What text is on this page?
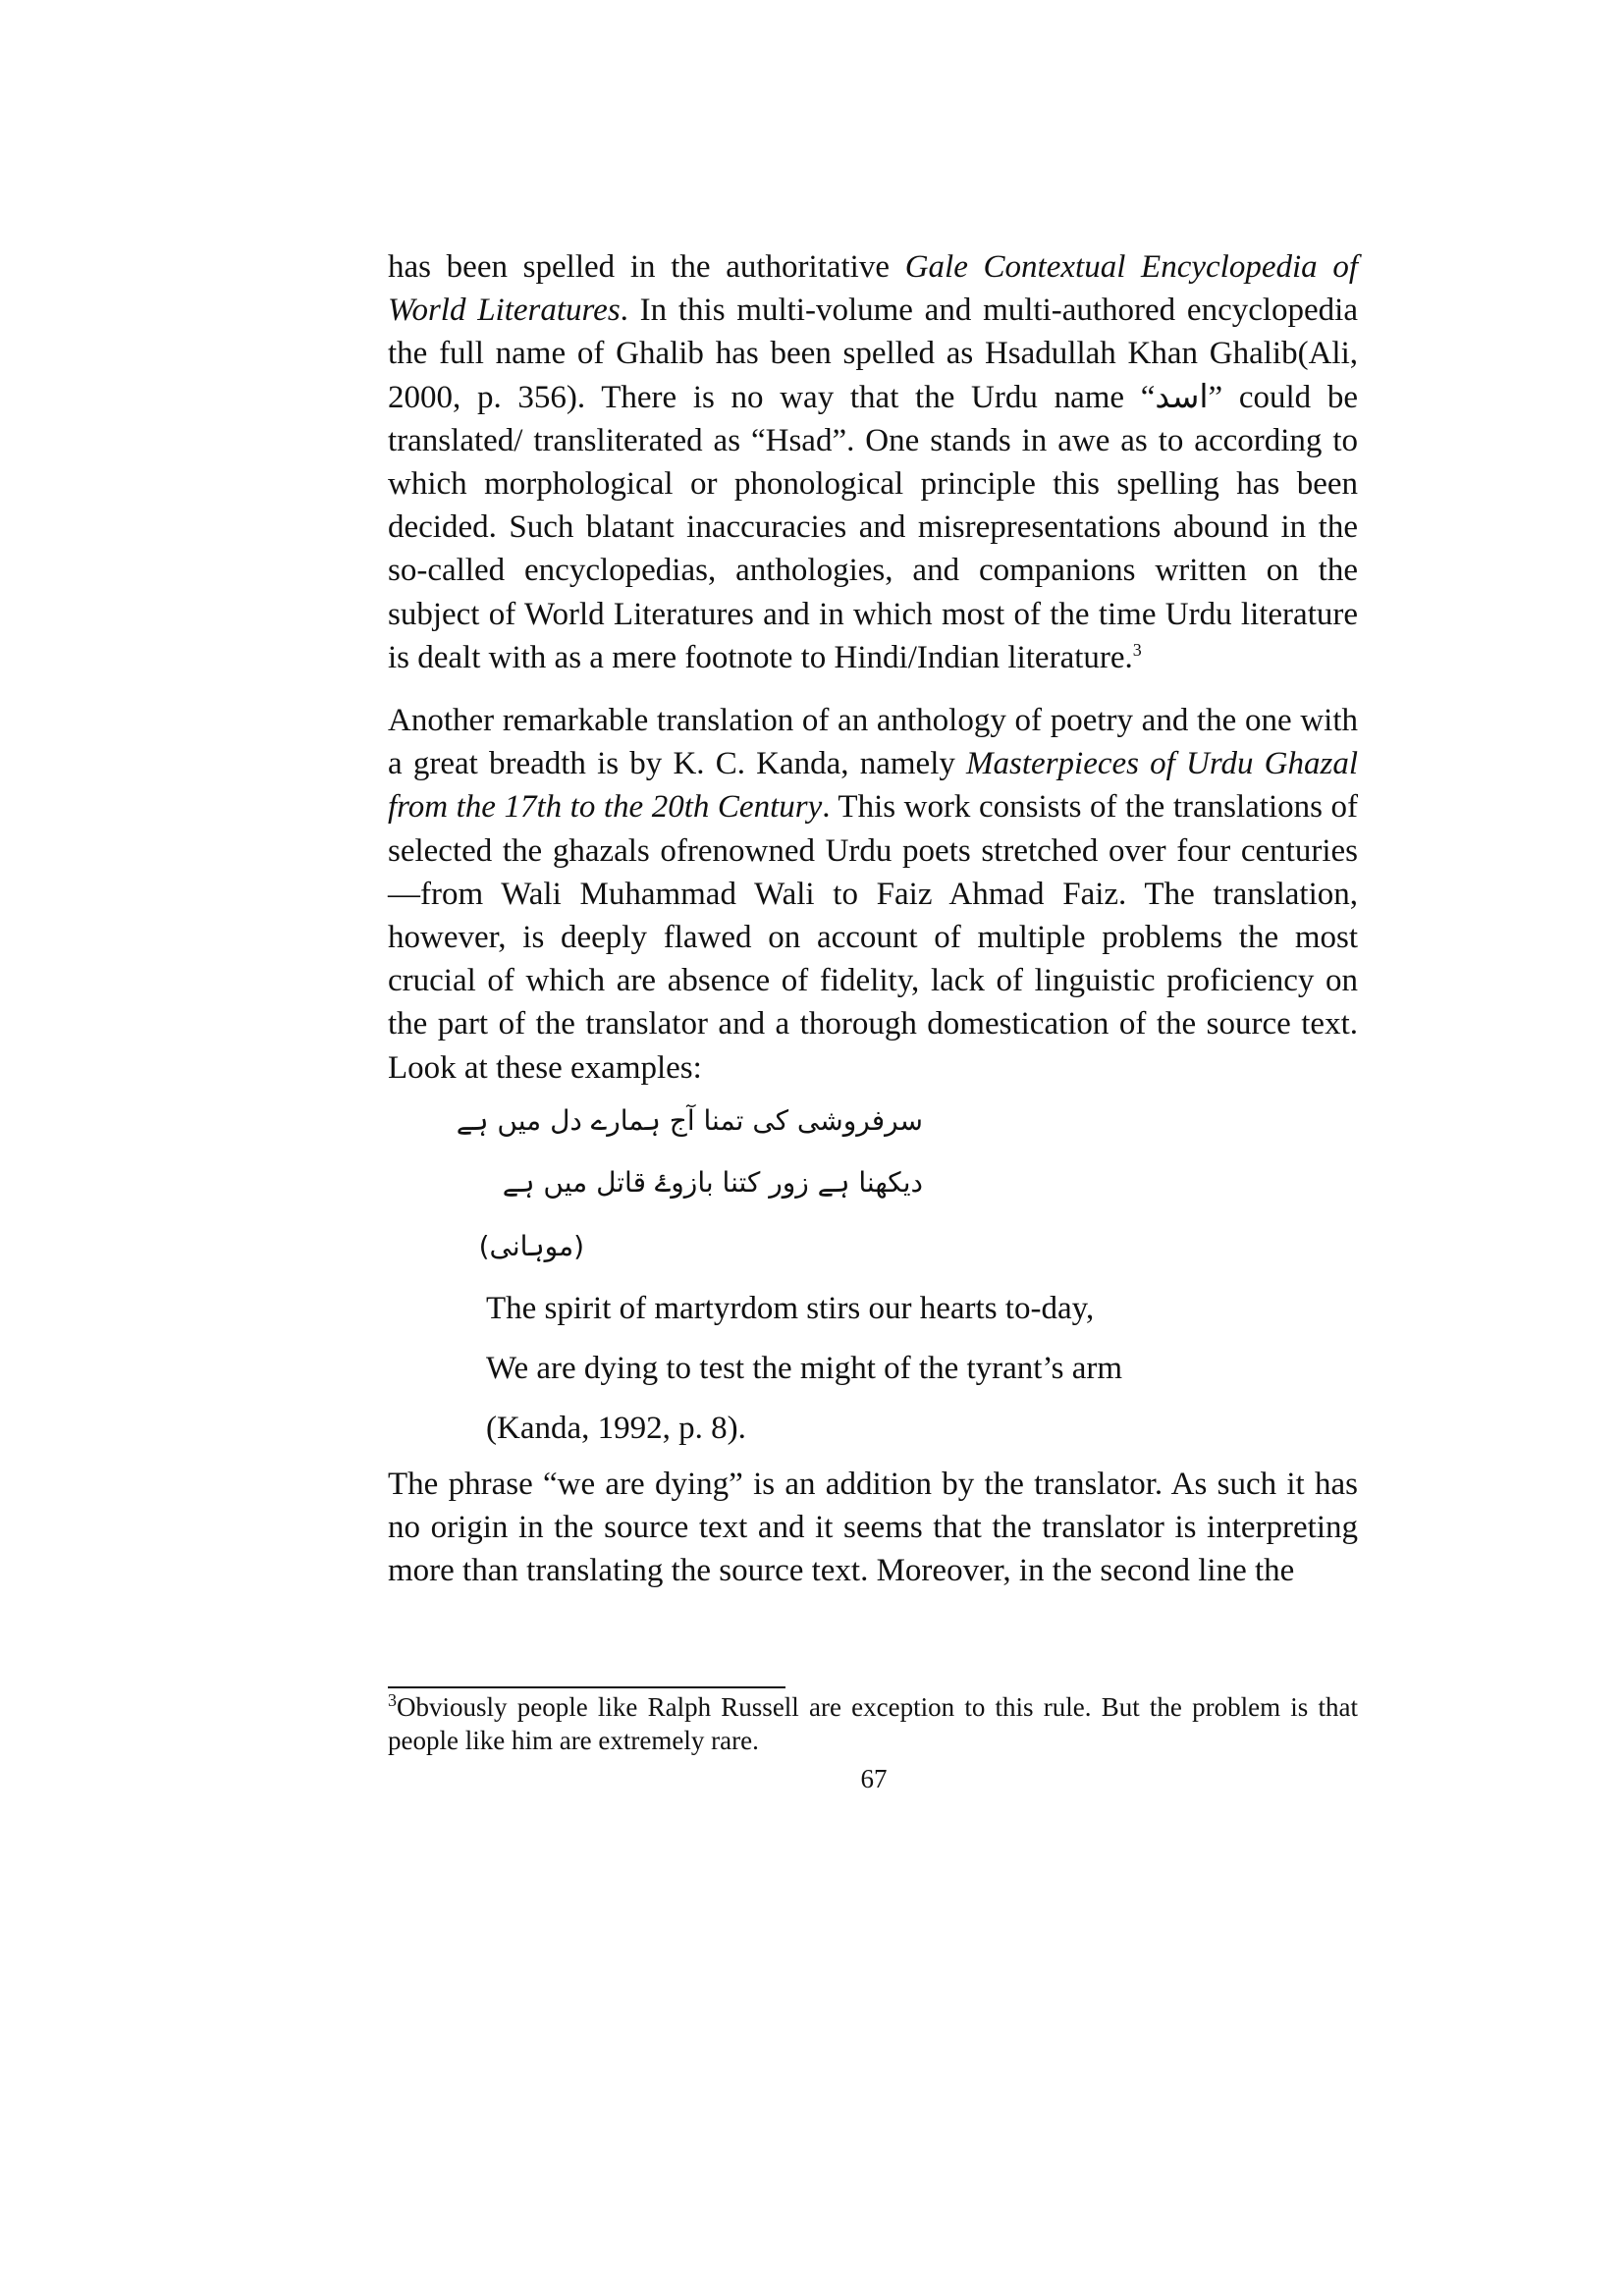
has been spelled in the authoritative Gale Contextual Encyclopedia of World Literatures. In this multi-volume and multi-authored encyclopedia the full name of Ghalib has been spelled as Hsadullah Khan Ghalib(Ali, 2000, p. 356). There is no way that the Urdu name “اسد” could be translated/ transliterated as “Hsad”. One stands in awe as to according to which morphological or phonological principle this spelling has been decided. Such blatant inaccuracies and misrepresentations abound in the so-called encyclopedias, anthologies, and companions written on the subject of World Literatures and in which most of the time Urdu literature is dealt with as a mere footnote to Hindi/Indian literature.$^3$

Another remarkable translation of an anthology of poetry and the one with a great breadth is by K. C. Kanda, namely Masterpieces of Urdu Ghazal from the 17th to the 20th Century. This work consists of the translations of selected the ghazals ofrenowned Urdu poets stretched over four centuries—from Wali Muhammad Wali to Faiz Ahmad Faiz. The translation, however, is deeply flawed on account of multiple problems the most crucial of which are absence of fidelity, lack of linguistic proficiency on the part of the translator and a thorough domestication of the source text. Look at these examples:

سرفروشی کی تمنا آج ہمارے دل میں ہے
دیکھنا ہے زور کتنا بازوۓ قاتل میں ہے
(موہانی)
The spirit of martyrdom stirs our hearts to-day,
We are dying to test the might of the tyrant’s arm
(Kanda, 1992, p. 8).

The phrase “we are dying” is an addition by the translator. As such it has no origin in the source text and it seems that the translator is interpreting more than translating the source text. Moreover, in the second line the

$^3$Obviously people like Ralph Russell are exception to this rule. But the problem is that people like him are extremely rare.

67
